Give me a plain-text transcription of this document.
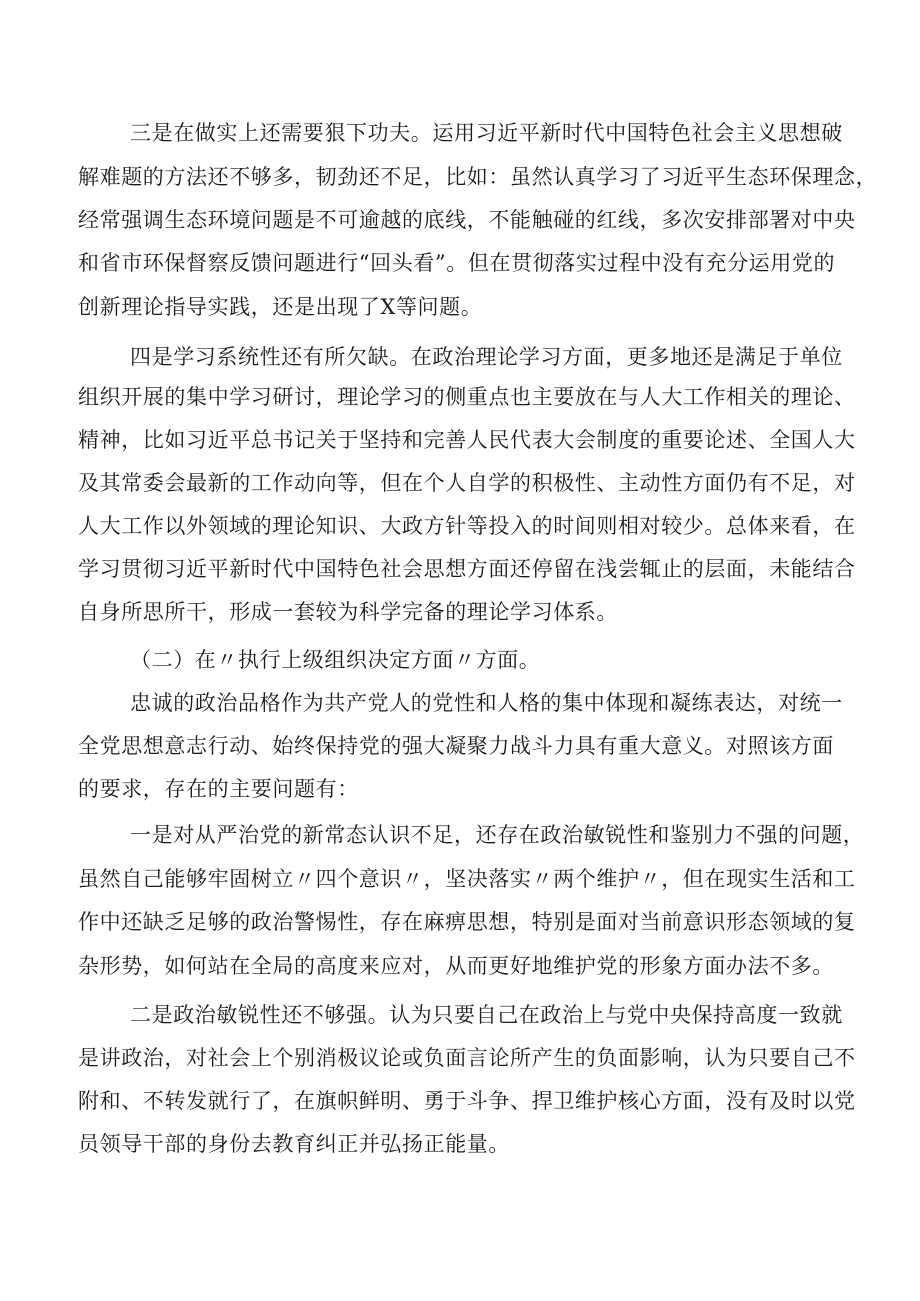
三是在做实上还需要狠下功夫。运用习近平新时代中国特色社会主义思想破
解难题的方法还不够多，韧劲还不足，比如：虽然认真学习了习近平生态环保理念，
经常强调生态环境问题是不可逾越的底线，不能触碰的红线，多次安排部署对中央
和省市环保督察反馈问题进行“回头看”。但在贯彻落实过程中没有充分运用党的
创新理论指导实践，还是出现了X等问题。
四是学习系统性还有所欠缺。在政治理论学习方面，更多地还是满足于单位
组织开展的集中学习研讨，理论学习的侧重点也主要放在与人大工作相关的理论、
精神，比如习近平总书记关于坚持和完善人民代表大会制度的重要论述、全国人大
及其常委会最新的工作动向等，但在个人自学的积极性、主动性方面仍有不足，对
人大工作以外领域的理论知识、大政方针等投入的时间则相对较少。总体来看，在
学习贯彻习近平新时代中国特色社会思想方面还停留在浅尝辄止的层面，未能结合
自身所思所干，形成一套较为科学完备的理论学习体系。
（二）在〃执行上级组织决定方面〃方面。
忠诚的政治品格作为共产党人的党性和人格的集中体现和凝练表达，对统一
全党思想意志行动、始终保持党的强大凝聚力战斗力具有重大意义。对照该方面
的要求，存在的主要问题有：
一是对从严治党的新常态认识不足，还存在政治敏锐性和鉴别力不强的问题，
虽然自己能够牢固树立〃四个意识〃，坚决落实〃两个维护〃，但在现实生活和工
作中还缺乏足够的政治警惕性，存在麻痹思想，特别是面对当前意识形态领域的复
杂形势，如何站在全局的高度来应对，从而更好地维护党的形象方面办法不多。
二是政治敏锐性还不够强。认为只要自己在政治上与党中央保持高度一致就
是讲政治，对社会上个别消极议论或负面言论所产生的负面影响，认为只要自己不
附和、不转发就行了，在旗帜鲜明、勇于斗争、捍卫维护核心方面，没有及时以党
员领导干部的身份去教育纠正并弘扬正能量。
